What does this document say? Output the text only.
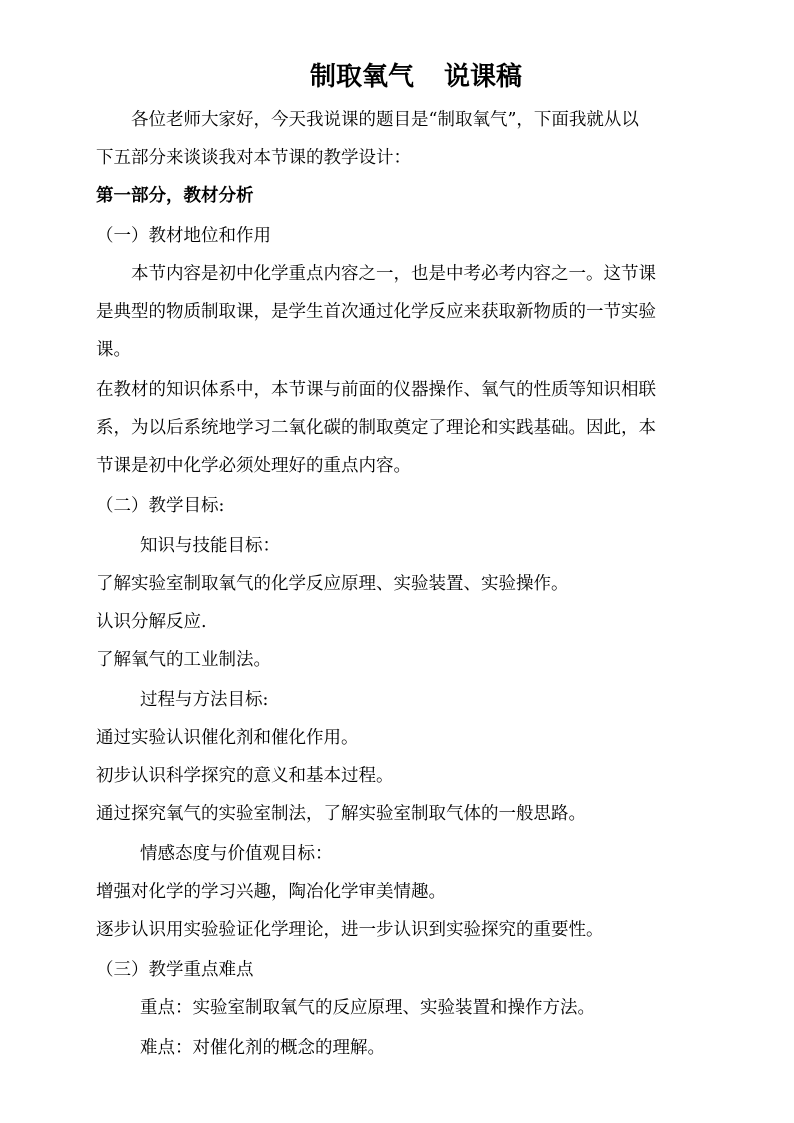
制取氧气 说课稿
各位老师大家好，今天我说课的题目是“制取氧气”，下面我就从以
下五部分来谈谈我对本节课的教学设计：
第一部分，教材分析
（一）教材地位和作用
本节内容是初中化学重点内容之一，也是中考必考内容之一。这节课
是典型的物质制取课，是学生首次通过化学反应来获取新物质的一节实验
课。
在教材的知识体系中，本节课与前面的仪器操作、氧气的性质等知识相联
系，为以后系统地学习二氧化碳的制取奠定了理论和实践基础。因此，本
节课是初中化学必须处理好的重点内容。
（二）教学目标:
知识与技能目标：
了解实验室制取氧气的化学反应原理、实验装置、实验操作。
认识分解反应.
了解氧气的工业制法。
过程与方法目标:
通过实验认识催化剂和催化作用。
初步认识科学探究的意义和基本过程。
通过探究氧气的实验室制法，了解实验室制取气体的一般思路。
情感态度与价值观目标：
增强对化学的学习兴趣，陶冶化学审美情趣。
逐步认识用实验验证化学理论，进一步认识到实验探究的重要性。
（三）教学重点难点
重点：实验室制取氧气的反应原理、实验装置和操作方法。
难点：对催化剂的概念的理解。
